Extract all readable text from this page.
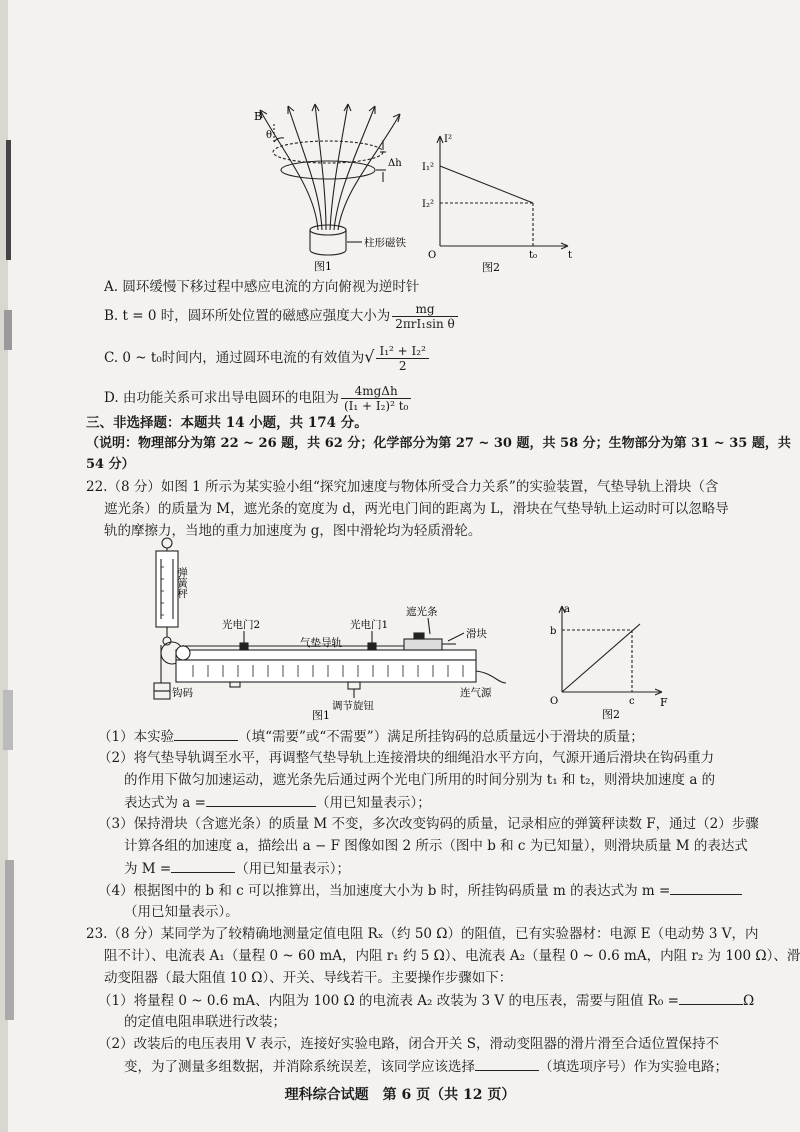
B
θ
Δh
柱形磁铁
图1
I²
I₁²
I₂²
O	t₀	t
图2
A. 圆环缓慢下移过程中感应电流的方向俯视为逆时针
B. t = 0 时，圆环所处位置的磁感应强度大小为 $\frac{mg}{\text{2πrI₁sin θ}}$
C. 0 ~ t₀时间内，通过圆环电流的有效值为√ $\frac{\text{I₁² + I₂²}}{2}$
D. 由功能关系可求出导电圆环的电阻为 $\frac{\text{4mgΔh}}{\text{(I₁ + I₂)² t₀}}$
三、非选择题：本题共 14 小题，共 174 分。
（说明：物理部分为第 22 ~ 26 题，共 62 分；化学部分为第 27 ~ 30 题，共 58 分；生物部分为第 31 ~ 35 题，共
54 分）
22.（8 分）如图 1 所示为某实验小组“探究加速度与物体所受合力关系”的实验装置，气垫导轨上滑块（含
遮光条）的质量为 M，遮光条的宽度为 d，两光电门间的距离为 L，滑块在气垫导轨上运动时可以忽略导
轨的摩擦力，当地的重力加速度为 g，图中滑轮均为轻质滑轮。
弹簧秤
光电门2	光电门1
气垫导轨
遮光条
滑块
钩码
调节旋钮
连气源
图1
a
b
O	c F
图2
（1）本实验	（填“需要”或“不需要”）满足所挂钩码的总质量远小于滑块的质量；
（2）将气垫导轨调至水平，再调整气垫导轨上连接滑块的细绳沿水平方向，气源开通后滑块在钩码重力
的作用下做匀加速运动，遮光条先后通过两个光电门所用的时间分别为 t₁ 和 t₂，则滑块加速度 a 的
表达式为 a =	（用已知量表示）；
（3）保持滑块（含遮光条）的质量 M 不变，多次改变钩码的质量，记录相应的弹簧秤读数 F，通过（2）步骤
计算各组的加速度 a，描绘出 a − F 图像如图 2 所示（图中 b 和 c 为已知量），则滑块质量 M 的表达式
为 M =	（用已知量表示）；
（4）根据图中的 b 和 c 可以推算出，当加速度大小为 b 时，所挂钩码质量 m 的表达式为 m =
（用已知量表示）。
23.（8 分）某同学为了较精确地测量定值电阻 Rₓ（约 50 Ω）的阻值，已有实验器材：电源 E（电动势 3 V，内
阻不计）、电流表 A₁（量程 0 ~ 60 mA，内阻 r₁ 约 5 Ω）、电流表 A₂（量程 0 ~ 0.6 mA，内阻 r₂ 为 100 Ω）、滑
动变阻器（最大阻值 10 Ω）、开关、导线若干。主要操作步骤如下：
（1）将量程 0 ~ 0.6 mA、内阻为 100 Ω 的电流表 A₂ 改装为 3 V 的电压表，需要与阻值 R₀ =	Ω
的定值电阻串联进行改装；
（2）改装后的电压表用 V 表示，连接好实验电路，闭合开关 S，滑动变阻器的滑片滑至合适位置保持不
变，为了测量多组数据，并消除系统误差，该同学应该选择	（填选项序号）作为实验电路；
理科综合试题　第 6 页（共 12 页）
